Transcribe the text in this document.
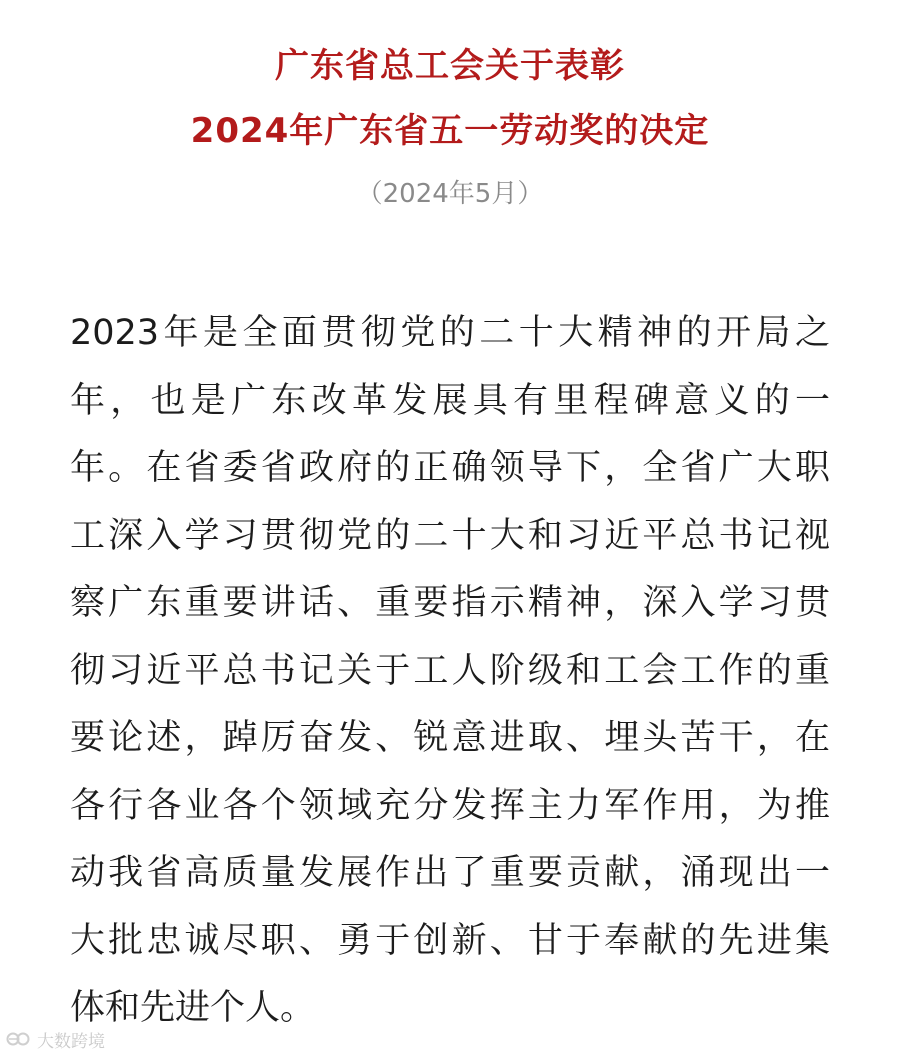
广东省总工会关于表彰
2024年广东省五一劳动奖的决定
（2024年5月）
2023年是全面贯彻党的二十大精神的开局之
年，也是广东改革发展具有里程碑意义的一
年。在省委省政府的正确领导下，全省广大职
工深入学习贯彻党的二十大和习近平总书记视
察广东重要讲话、重要指示精神，深入学习贯
彻习近平总书记关于工人阶级和工会工作的重
要论述，踔厉奋发、锐意进取、埋头苦干，在
各行各业各个领域充分发挥主力军作用，为推
动我省高质量发展作出了重要贡献，涌现出一
大批忠诚尽职、勇于创新、甘于奉献的先进集
体和先进个人。
大数跨境
